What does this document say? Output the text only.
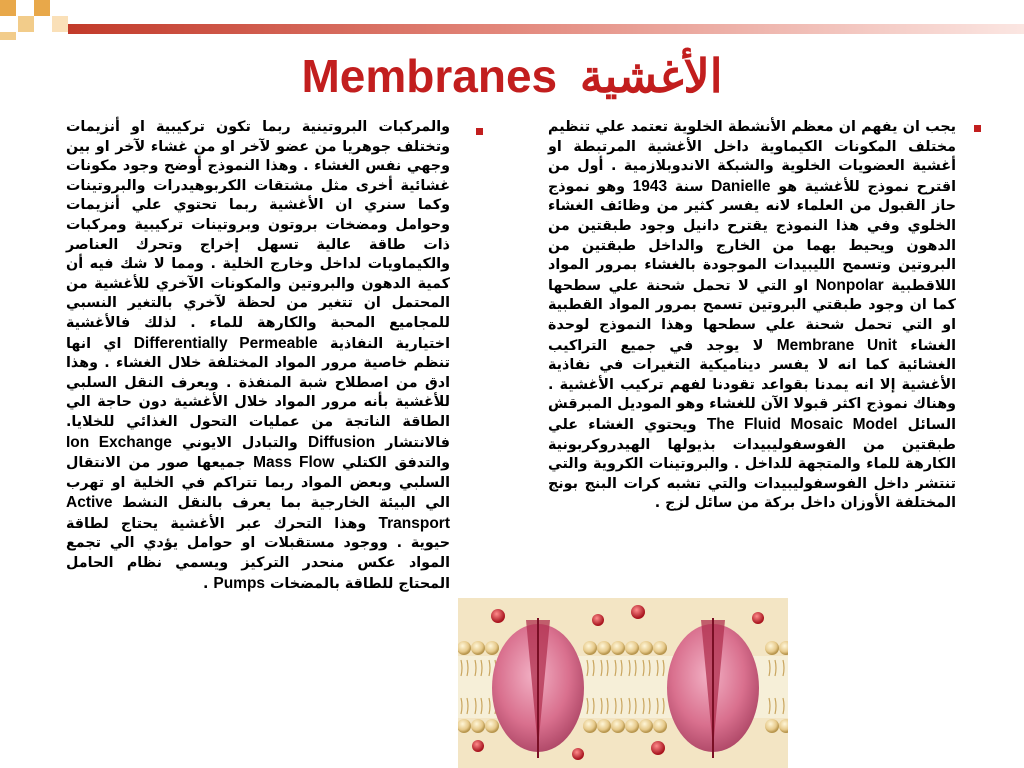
Membranes الأغشية
يجب ان يفهم ان معظم الأنشطة الخلوية تعتمد علي تنظيم مختلف المكونات الكيماوية داخل الأغشية المرتبطة او أغشية العضويات الخلوية والشبكة الاندوبلازمية . أول من اقترح نموذج للأغشية هو Danielle سنة 1943 وهو نموذج حاز القبول من العلماء لانه يفسر كثير من وظائف الغشاء الخلوي وفي هذا النموذج يقترح دانيل وجود طبقتين من الدهون ويحيط بهما من الخارج والداخل طبقتين من البروتين وتسمح الليبيدات الموجودة بالغشاء بمرور المواد اللاقطبية Nonpolar او التي لا تحمل شحنة علي سطحها كما ان وجود طبقتي البروتين تسمح بمرور المواد القطبية او التي تحمل شحنة علي سطحها وهذا النموذج لوحدة الغشاء Membrane Unit لا يوجد في جميع التراكيب الغشائية كما انه لا يفسر ديناميكية التغيرات في نفاذية الأغشية إلا انه يمدنا بقواعد تقودنا لفهم تركيب الأغشية . وهناك نموذج اكثر قبولا الآن للغشاء وهو الموديل المبرقش السائل The Fluid Mosaic Model ويحتوي الغشاء علي طبقتين من الفوسفوليبيدات بذيولها الهيدروكربونية الكارهة للماء والمتجهة للداخل . والبروتينات الكروية والتي تنتشر داخل الفوسفوليبيدات والتي تشبه كرات البنج بونج المختلفة الأوزان داخل بركة من سائل لزج .
والمركبات البروتينية ربما تكون تركيبية او أنزيمات وتختلف جوهريا من عضو لآخر او من غشاء لآخر او بين وجهي نفس الغشاء . وهذا النموذج أوضح وجود مكونات غشائية أخرى مثل مشتقات الكربوهيدرات والبروتينات وكما سنري ان الأغشية ربما تحتوي علي أنزيمات وحوامل ومضخات بروتون وبروتينات تركيبية ومركبات ذات طاقة عالية تسهل إخراج وتحرك العناصر والكيماويات لداخل وخارج الخلية . ومما لا شك فيه أن كمية الدهون والبروتين والمكونات الآخري للأغشية من المحتمل ان تتغير من لحظة لآخري بالتغير النسبي للمجاميع المحبة والكارهة للماء . لذلك فالأغشية اختيارية النفاذية Differentially Permeable اي انها تنظم خاصية مرور المواد المختلفة خلال الغشاء . وهذا ادق من اصطلاح شبة المنفذة . ويعرف النقل السلبي للأغشية بأنه مرور المواد خلال الأغشية دون حاجة الي الطاقة الناتجة من عمليات التحول الغذائي للخلايا. فالانتشار Diffusion والتبادل الايوني Ion Exchange والتدفق الكتلي Mass Flow جميعها صور من الانتقال السلبي وبعض المواد ربما تتراكم في الخلية او تهرب الي البيئة الخارجية بما يعرف بالنقل النشط Active Transport وهذا التحرك عبر الأغشية يحتاج لطاقة حيوية . ووجود مستقبلات او حوامل يؤدي الي تجمع المواد عكس منحدر التركيز ويسمي نظام الحامل المحتاج للطاقة بالمضخات Pumps .
